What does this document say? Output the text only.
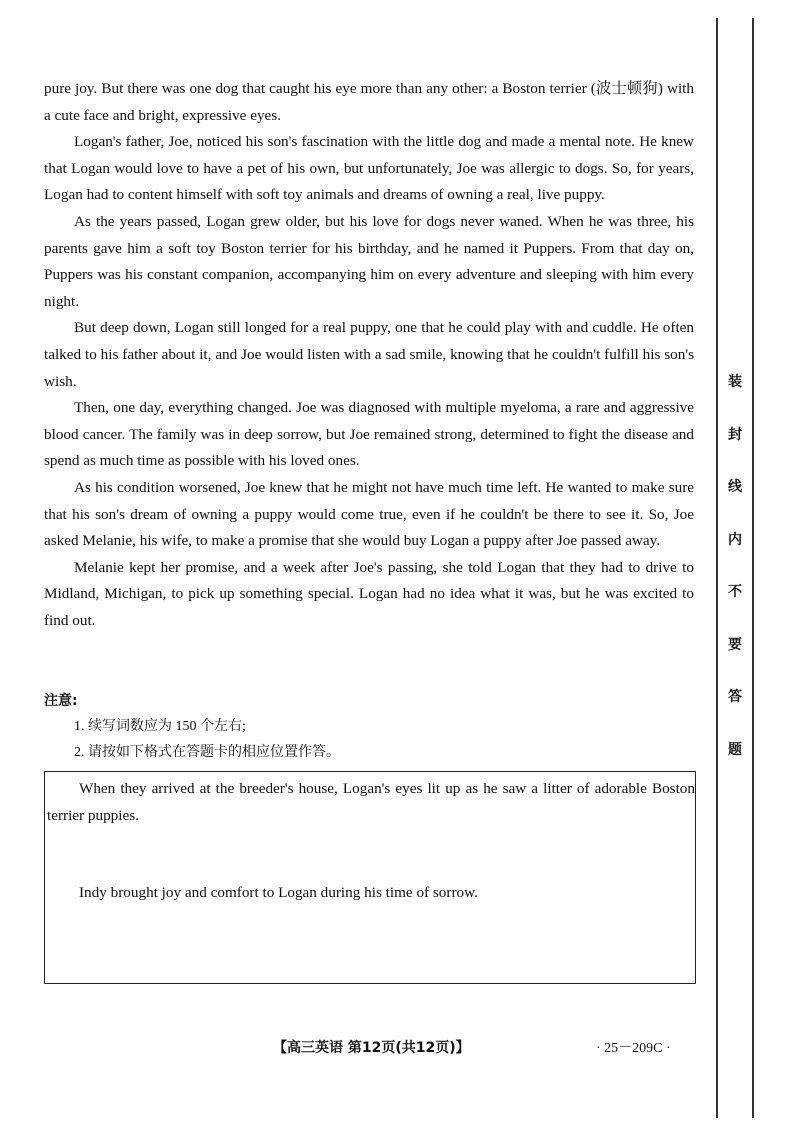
pure joy. But there was one dog that caught his eye more than any other: a Boston terrier (波士顿狗) with a cute face and bright, expressive eyes.

Logan's father, Joe, noticed his son's fascination with the little dog and made a mental note. He knew that Logan would love to have a pet of his own, but unfortunately, Joe was allergic to dogs. So, for years, Logan had to content himself with soft toy animals and dreams of owning a real, live puppy.

As the years passed, Logan grew older, but his love for dogs never waned. When he was three, his parents gave him a soft toy Boston terrier for his birthday, and he named it Puppers. From that day on, Puppers was his constant companion, accompanying him on every adventure and sleeping with him every night.

But deep down, Logan still longed for a real puppy, one that he could play with and cuddle. He often talked to his father about it, and Joe would listen with a sad smile, knowing that he couldn't fulfill his son's wish.

Then, one day, everything changed. Joe was diagnosed with multiple myeloma, a rare and aggressive blood cancer. The family was in deep sorrow, but Joe remained strong, determined to fight the disease and spend as much time as possible with his loved ones.

As his condition worsened, Joe knew that he might not have much time left. He wanted to make sure that his son's dream of owning a puppy would come true, even if he couldn't be there to see it. So, Joe asked Melanie, his wife, to make a promise that she would buy Logan a puppy after Joe passed away.

Melanie kept her promise, and a week after Joe's passing, she told Logan that they had to drive to Midland, Michigan, to pick up something special. Logan had no idea what it was, but he was excited to find out.

注意:
1. 续写词数应为 150 个左右;
2. 请按如下格式在答题卡的相应位置作答。
When they arrived at the breeder's house, Logan's eyes lit up as he saw a litter of adorable Boston terrier puppies.
Indy brought joy and comfort to Logan during his time of sorrow.
【高三英语 第12页(共12页)】	· 25－209C ·
装
封
线
内
不
要
答
题
